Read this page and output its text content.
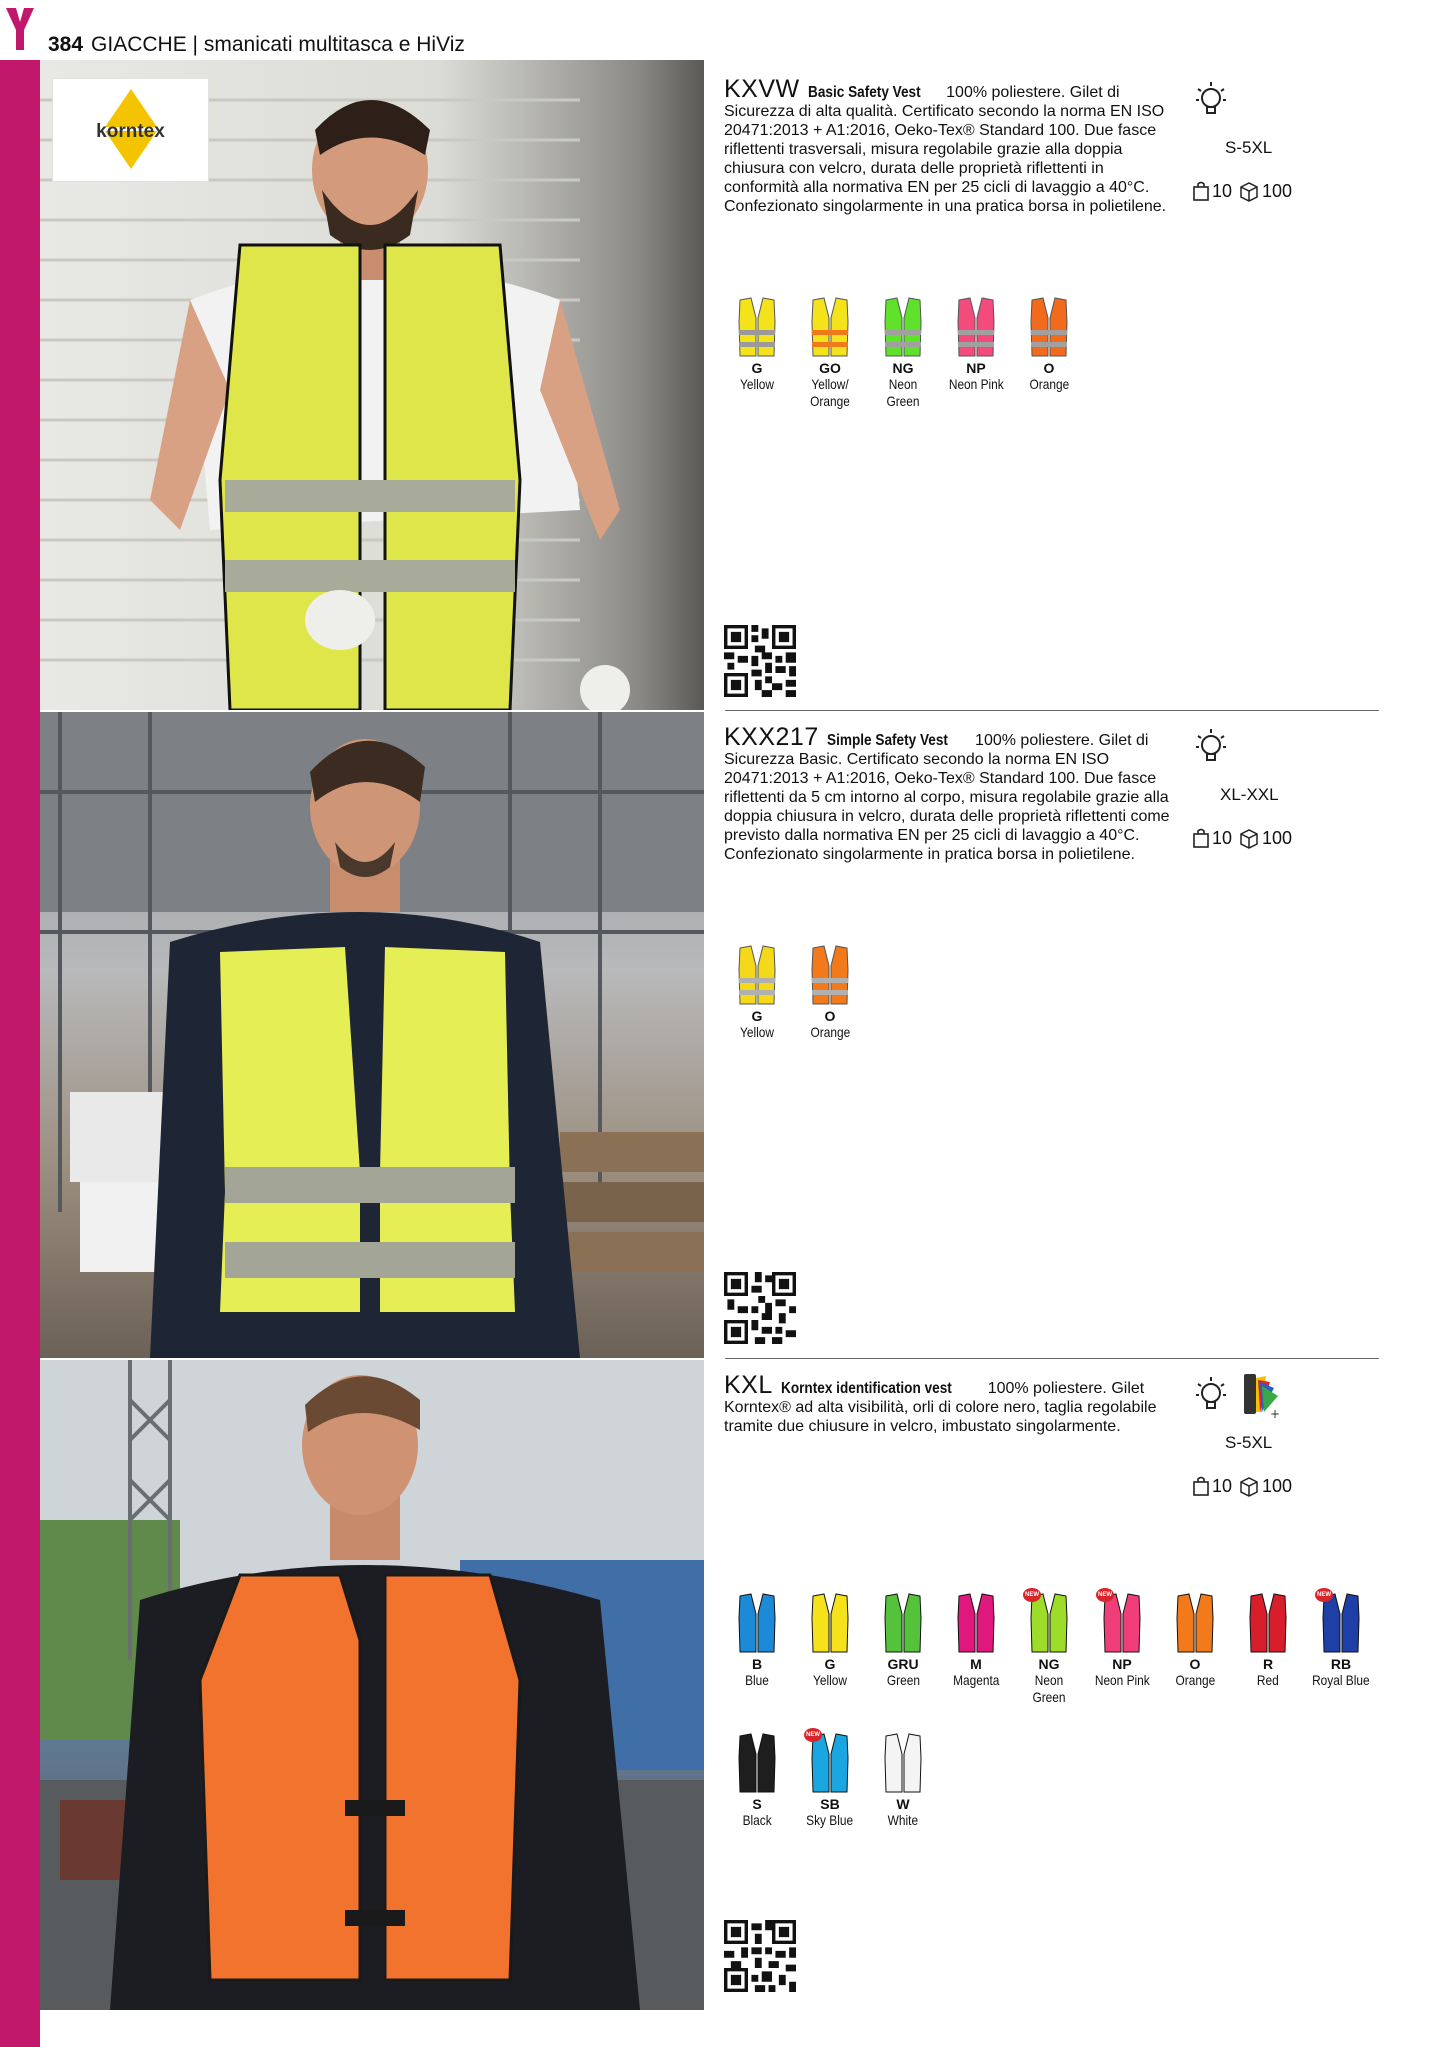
384 GIACCHE | smanicati multitasca e HiViz
korntex
KXVW Basic Safety Vest 100% poliestere. Gilet di Sicurezza di alta qualità. Certificato secondo la norma EN ISO 20471:2013 + A1:2016, Oeko-Tex® Standard 100. Due fasce riflettenti trasversali, misura regolabile grazie alla doppia chiusura con velcro, durata delle proprietà riflettenti in conformità alla normativa EN per 25 cicli di lavaggio a 40°C. Confezionato singolarmente in una pratica borsa in polietilene.
S-5XL
10 100
G
Yellow
GO
Yellow/ Orange
NG
Neon Green
NP
Neon Pink
O
Orange
KXX217 Simple Safety Vest 100% poliestere. Gilet di Sicurezza Basic. Certificato secondo la norma EN ISO 20471:2013 + A1:2016, Oeko-Tex® Standard 100. Due fasce riflettenti da 5 cm intorno al corpo, misura regolabile grazie alla doppia chiusura in velcro, durata delle proprietà riflettenti come previsto dalla normativa EN per 25 cicli di lavaggio a 40°C. Confezionato singolarmente in pratica borsa in polietilene.
XL-XXL
10 100
G
Yellow
O
Orange
KXL Korntex identification vest 100% poliestere. Gilet Korntex® ad alta visibilità, orli di colore nero, taglia regolabile tramite due chiusure in velcro, imbustato singolarmente.
+
S-5XL
10 100
B
Blue
G
Yellow
GRU
Green
M
Magenta
NEW
NG
Neon Green
NEW
NP
Neon Pink
O
Orange
R
Red
NEW
RB
Royal Blue
S
Black
NEW
SB
Sky Blue
W
White
